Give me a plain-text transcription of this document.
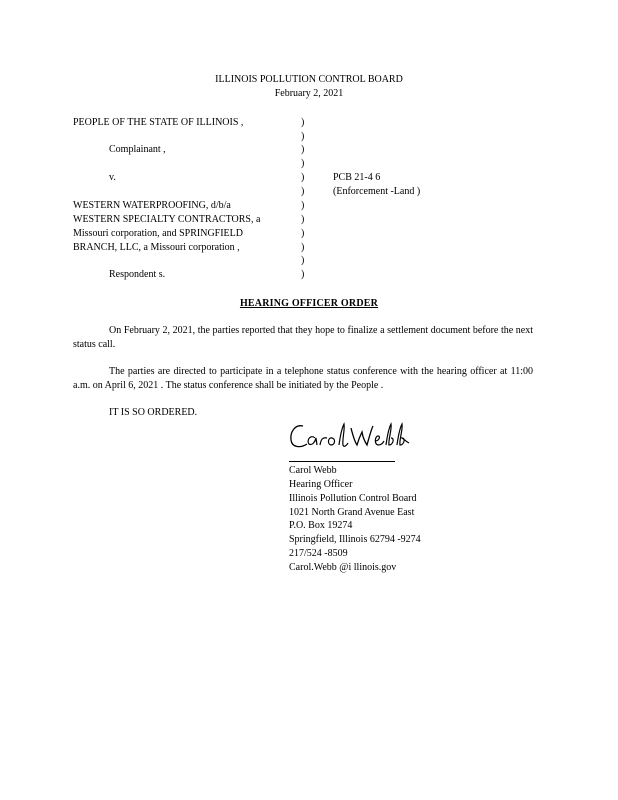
ILLINOIS POLLUTION CONTROL BOARD
February 2, 2021
PEOPLE OF THE STATE OF ILLINOIS ,
Complainant ,
v.
WESTERN WATERPROOFING, d/b/a
WESTERN SPECIALTY CONTRACTORS, a
Missouri corporation, and SPRINGFIELD
BRANCH, LLC, a Missouri corporation ,
Respondent s.
)
)
)
)
)
)
)
)
)
)
)
)
PCB 21-4 6
(Enforcement -Land )
HEARING OFFICER ORDER
On February 2, 2021, the parties reported that they hope to finalize a settlement document before the next status call.
The parties are directed to participate in a telephone status conference with the hearing officer at 11:00 a.m. on April 6, 2021 . The status conference shall be initiated by the People .
IT IS SO ORDERED.
Carol Webb
Hearing Officer
Illinois Pollution Control Board
1021 North Grand Avenue East
P.O. Box 19274
Springfield, Illinois 62794 -9274
217/524 -8509
Carol.Webb @i llinois.gov
